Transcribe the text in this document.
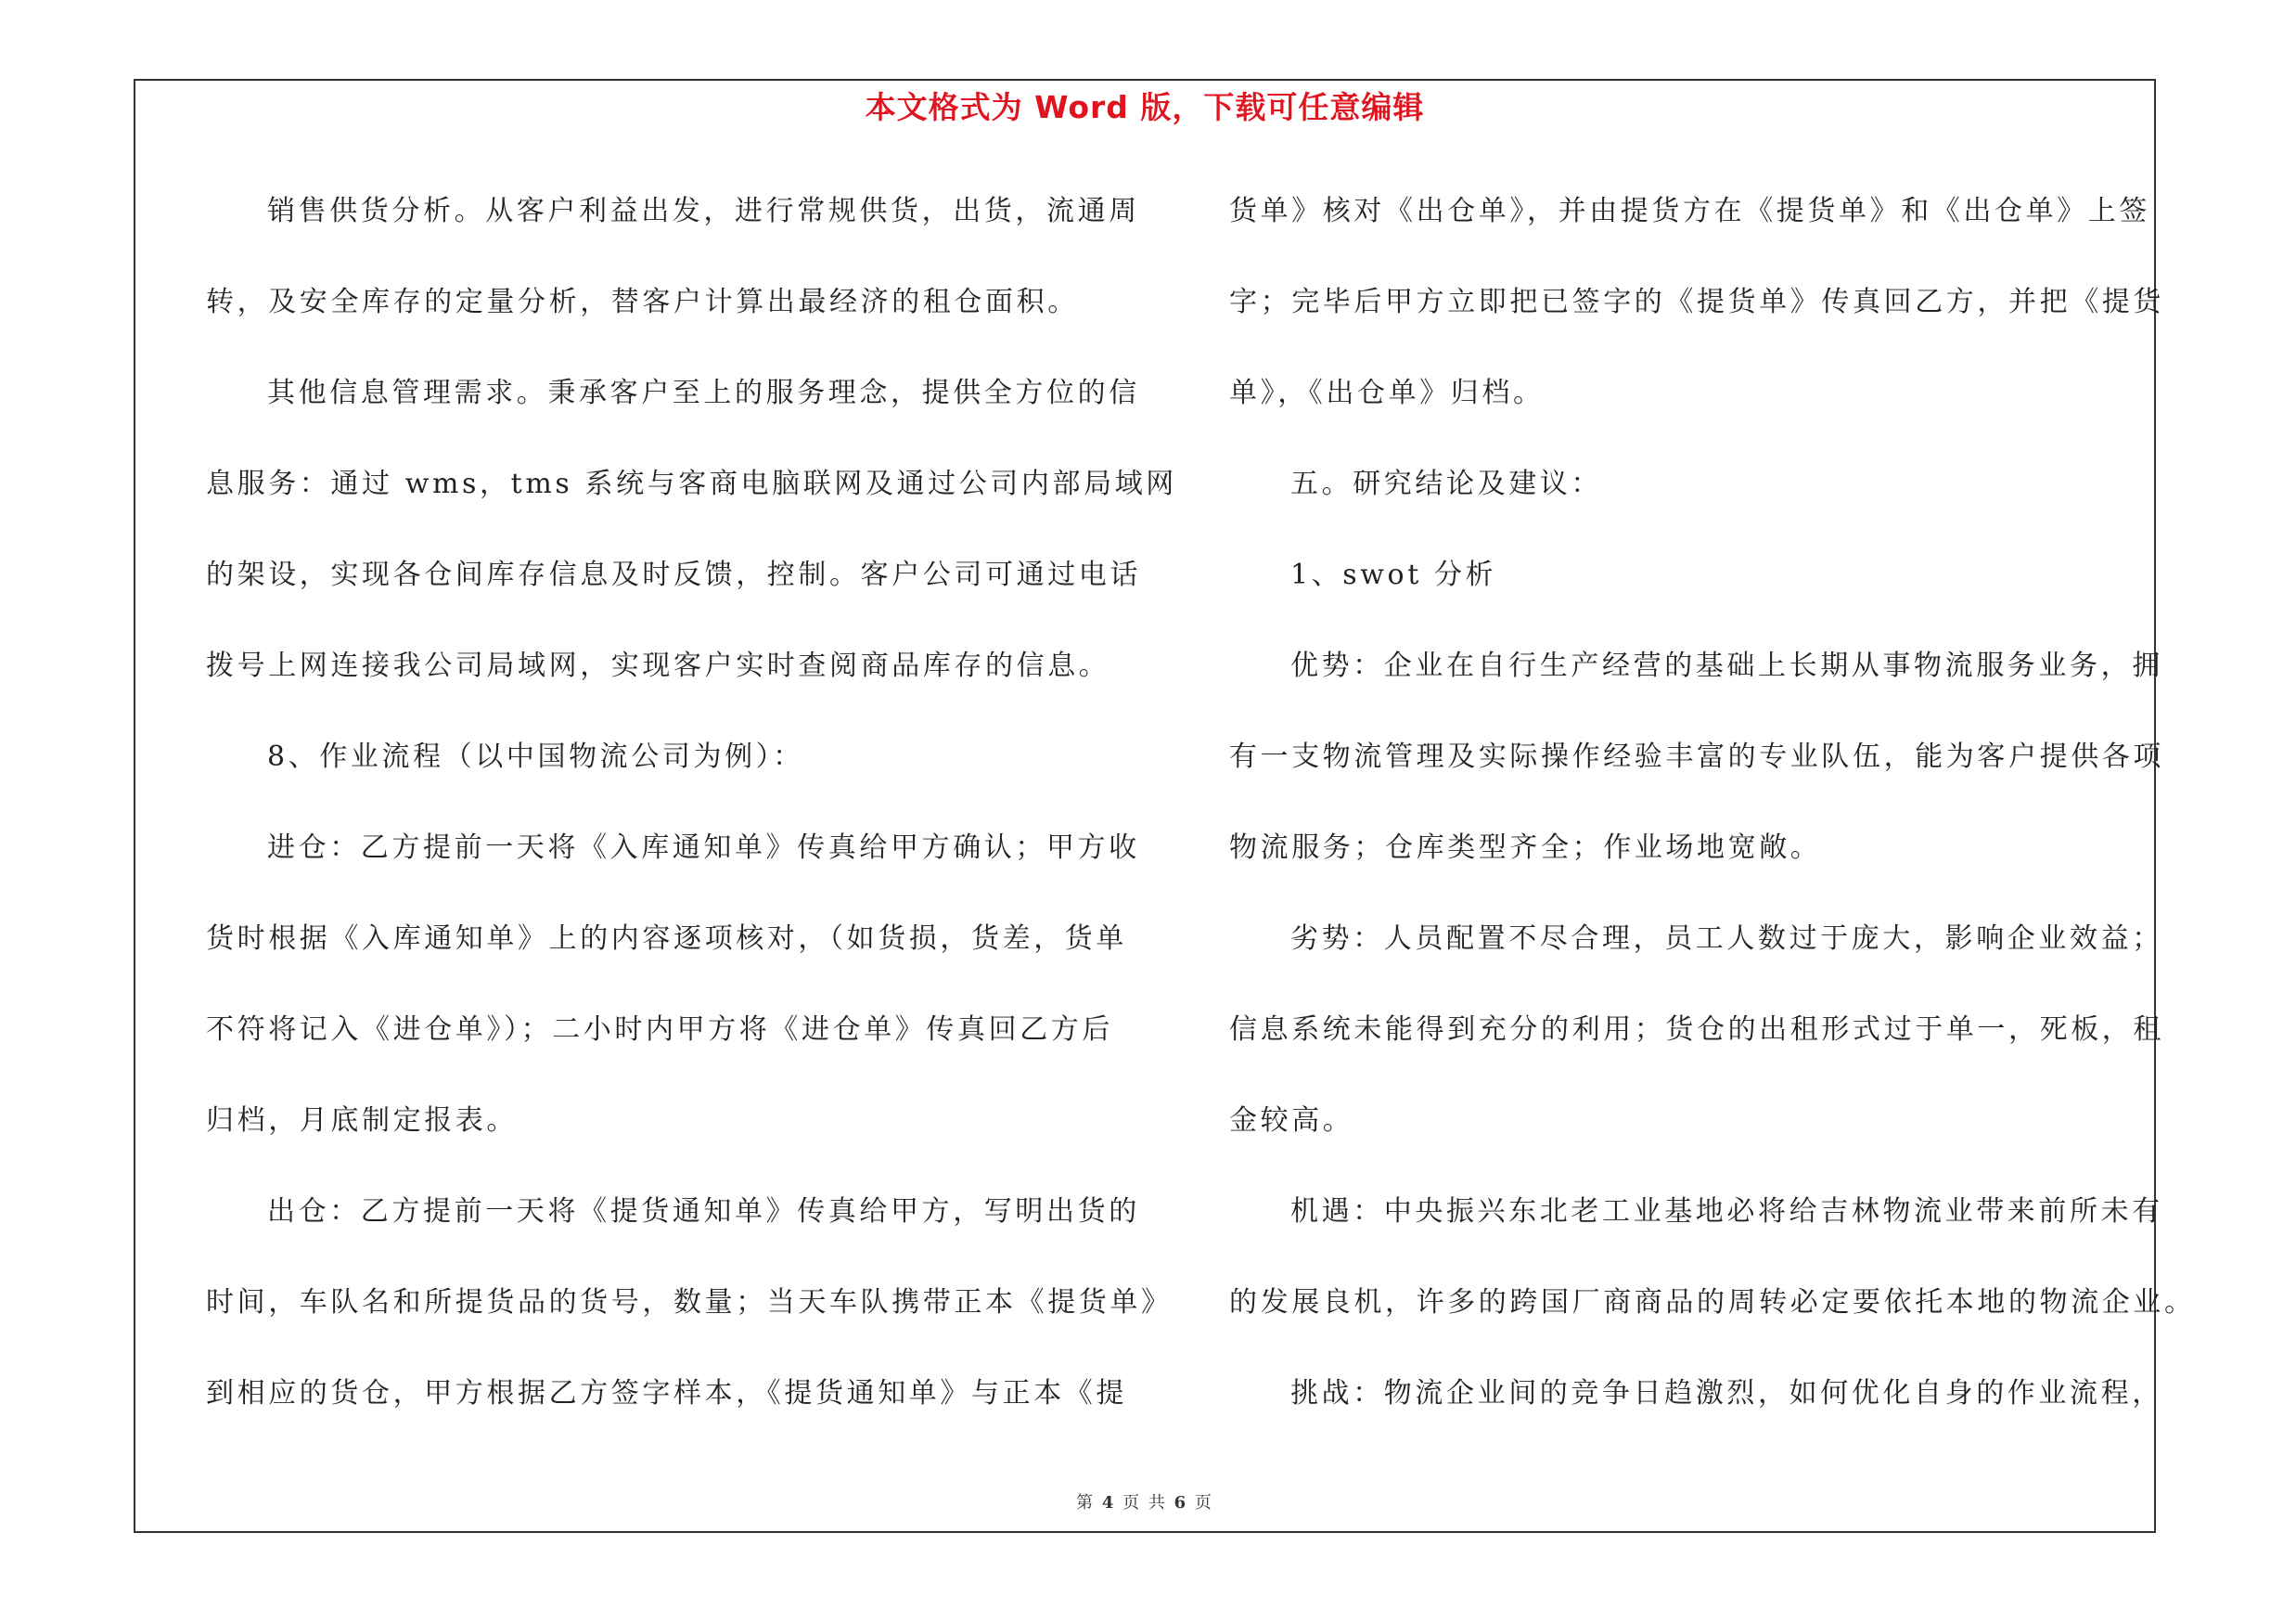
本文格式为 Word 版，下载可任意编辑
销售供货分析。从客户利益出发，进行常规供货，出货，流通周
转，及安全库存的定量分析，替客户计算出最经济的租仓面积。
其他信息管理需求。秉承客户至上的服务理念，提供全方位的信
息服务：通过 wms，tms 系统与客商电脑联网及通过公司内部局域网
的架设，实现各仓间库存信息及时反馈，控制。客户公司可通过电话
拨号上网连接我公司局域网，实现客户实时查阅商品库存的信息。
8、作业流程（以中国物流公司为例）：
进仓：乙方提前一天将《入库通知单》传真给甲方确认；甲方收
货时根据《入库通知单》上的内容逐项核对，（如货损，货差，货单
不符将记入《进仓单》）；二小时内甲方将《进仓单》传真回乙方后
归档，月底制定报表。
出仓：乙方提前一天将《提货通知单》传真给甲方，写明出货的
时间，车队名和所提货品的货号，数量；当天车队携带正本《提货单》
到相应的货仓，甲方根据乙方签字样本，《提货通知单》与正本《提
货单》核对《出仓单》，并由提货方在《提货单》和《出仓单》上签
字；完毕后甲方立即把已签字的《提货单》传真回乙方，并把《提货
单》，《出仓单》归档。
五。研究结论及建议：
1、swot 分析
优势：企业在自行生产经营的基础上长期从事物流服务业务，拥
有一支物流管理及实际操作经验丰富的专业队伍，能为客户提供各项
物流服务；仓库类型齐全；作业场地宽敞。
劣势：人员配置不尽合理，员工人数过于庞大，影响企业效益；
信息系统未能得到充分的利用；货仓的出租形式过于单一，死板，租
金较高。
机遇：中央振兴东北老工业基地必将给吉林物流业带来前所未有
的发展良机，许多的跨国厂商商品的周转必定要依托本地的物流企业。
挑战：物流企业间的竞争日趋激烈，如何优化自身的作业流程，
第 4 页 共 6 页
